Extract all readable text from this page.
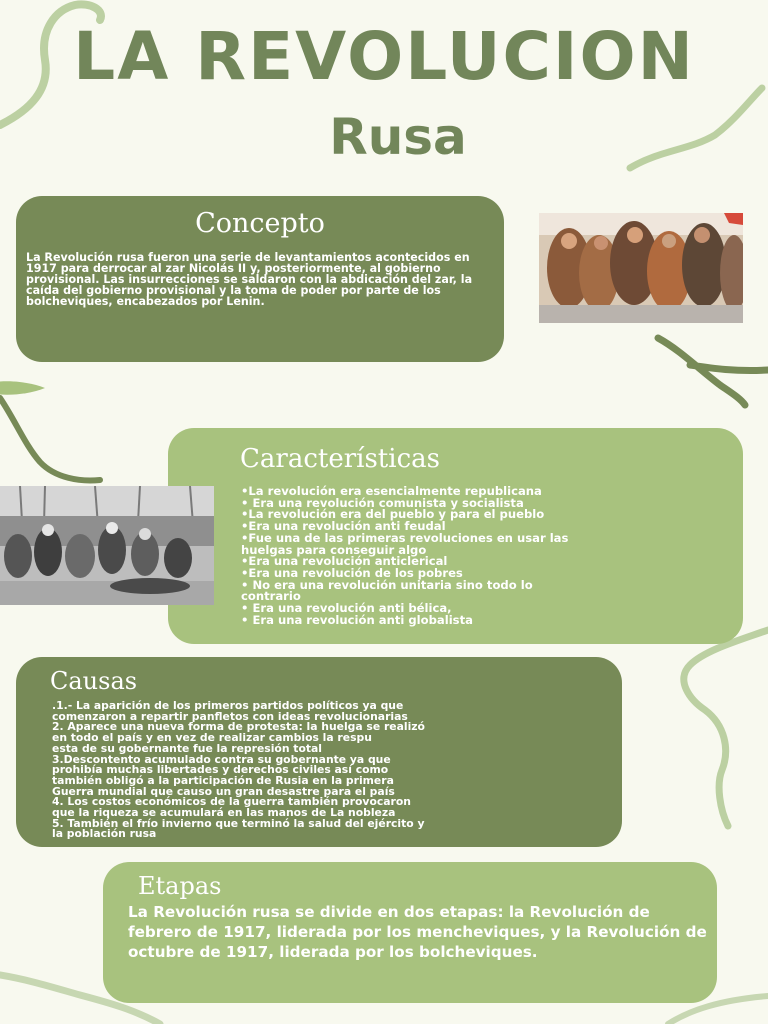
LA REVOLUCION
Rusa
Concepto
La Revolución rusa fueron una serie de levantamientos acontecidos en 1917 para derrocar al zar Nicolás II y, posteriormente, al gobierno provisional. Las insurrecciones se saldaron con la abdicación del zar, la caída del gobierno provisional y la toma de poder por parte de los bolcheviques, encabezados por Lenin.
Características
•La revolución era esencialmente republicana
• Era una revolución comunista y socialista
•La revolución era del pueblo y para el pueblo
•Era una revolución anti feudal
•Fue una de las primeras revoluciones en usar las
huelgas para conseguir algo
•Era una revolución anticlerical
•Era una revolución de los pobres
• No era una revolución unitaria sino todo lo
contrario
• Era una revolución anti bélica,
• Era una revolución anti globalista
Causas
.1.- La aparición de los primeros partidos políticos ya que
comenzaron a repartir panfletos con ideas revolucionarias
2. Aparece una nueva forma de protesta: la huelga se realizó
en todo el país y en vez de realizar cambios la respu
esta de su gobernante fue la represión total
3.Descontento acumulado contra su gobernante ya que
prohibía muchas libertades y derechos civiles así como
también obligó a la participación de Rusia en la primera
Guerra mundial que causo un gran desastre para el país
4. Los costos económicos de la guerra también provocaron
que la riqueza se acumulará en las manos de La nobleza
5. También el frío invierno que terminó la salud del ejército y
la población rusa
Etapas
La Revolución rusa se divide en dos etapas: la Revolución de febrero de 1917, liderada por los mencheviques, y la Revolución de octubre de 1917, liderada por los bolcheviques.
